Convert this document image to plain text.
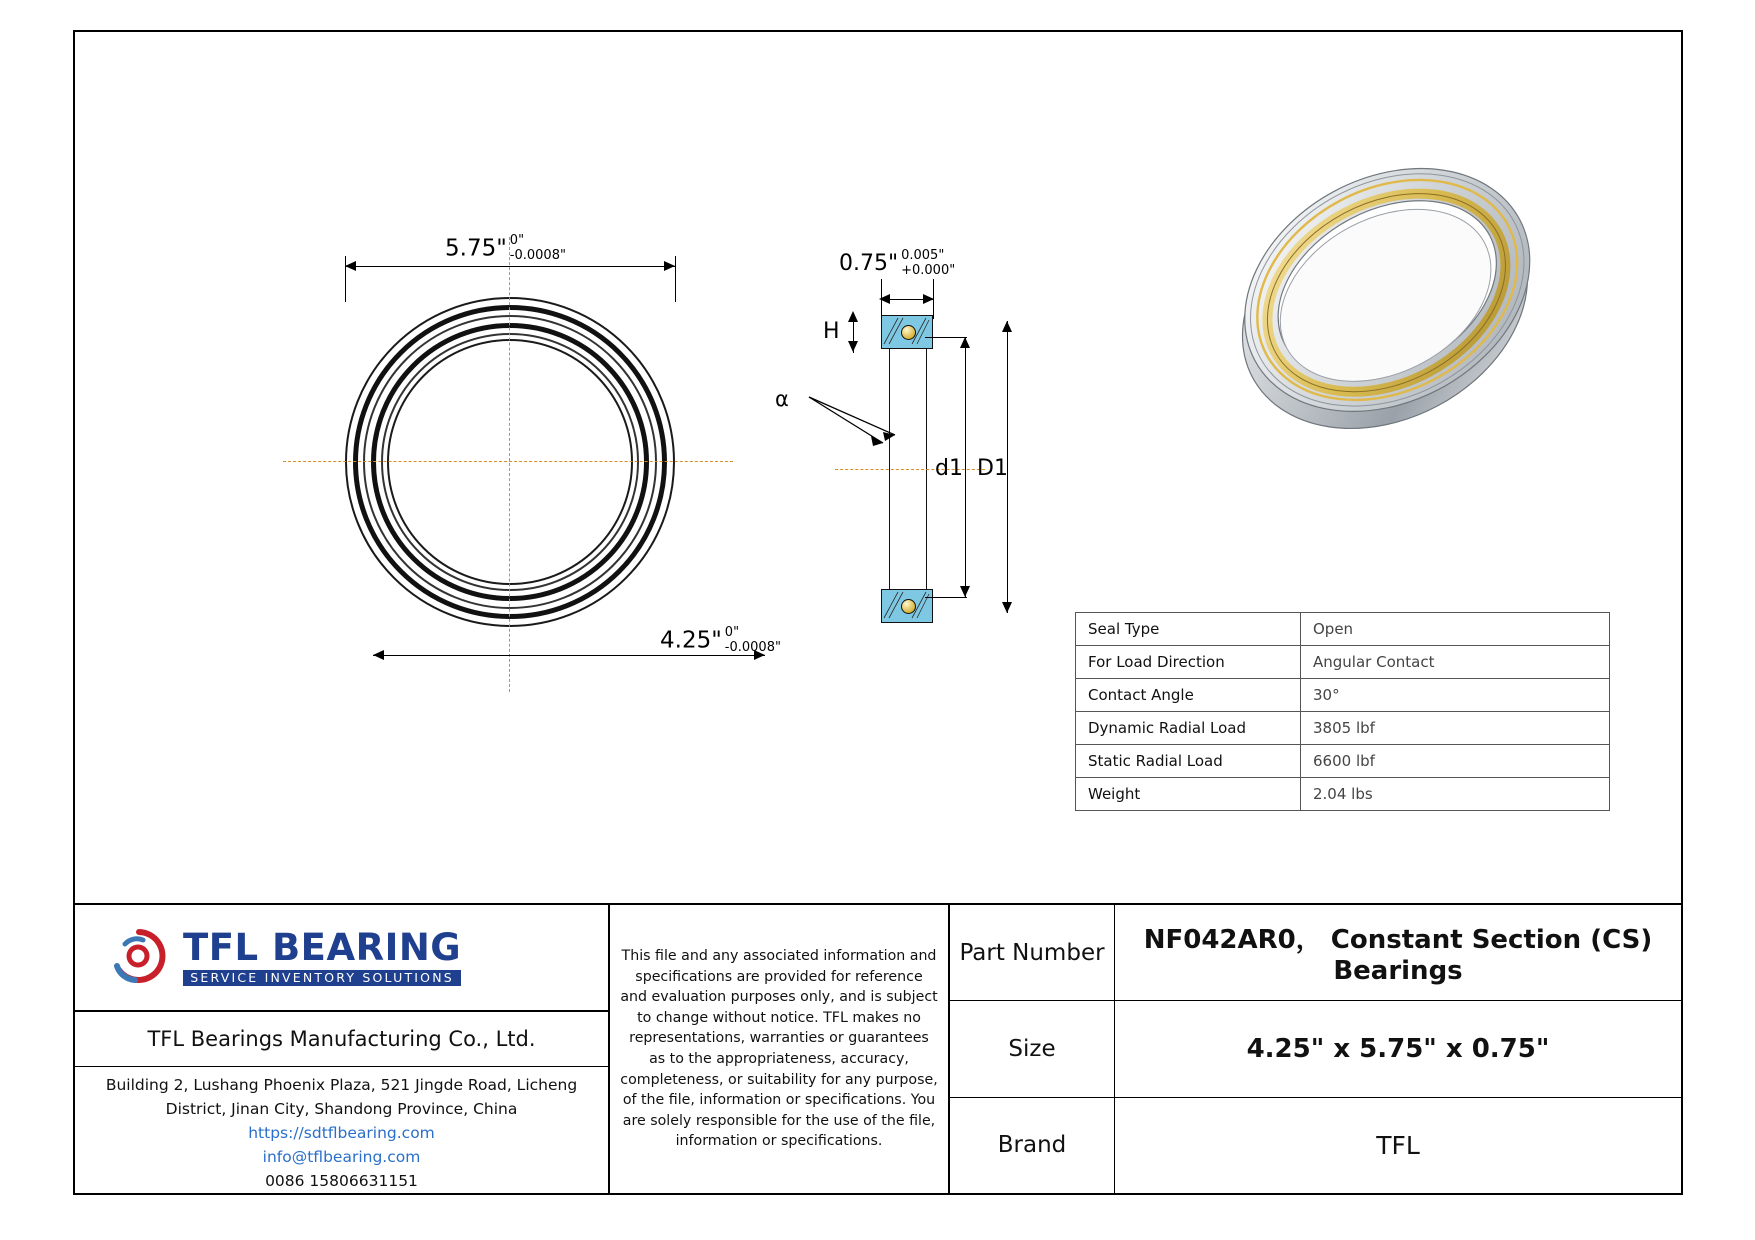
5.75" 0"
-0.0008"
4.25" 0"
-0.0008"
0.75" 0.005"
+0.000"
H
α
d1 D1
Seal Type	Open
For Load Direction	Angular Contact
Contact Angle	30°
Dynamic Radial Load	3805 lbf
Static Radial Load	6600 lbf
Weight	2.04 lbs
TFL BEARING
SERVICE INVENTORY SOLUTIONS
TFL Bearings Manufacturing Co., Ltd.
Building 2, Lushang Phoenix Plaza, 521 Jingde Road, Licheng
District, Jinan City, Shandong Province, China
https://sdtflbearing.com
info@tflbearing.com
0086 15806631151
This file and any associated information and specifications are provided for reference and evaluation purposes only, and is subject to change without notice. TFL makes no representations, warranties or guarantees as to the appropriateness, accuracy, completeness, or suitability for any purpose, of the file, information or specifications. You are solely responsible for the use of the file, information or specifications.
Part Number	NF042AR0， Constant Section (CS) Bearings
Size	4.25" x 5.75" x 0.75"
Brand	TFL
